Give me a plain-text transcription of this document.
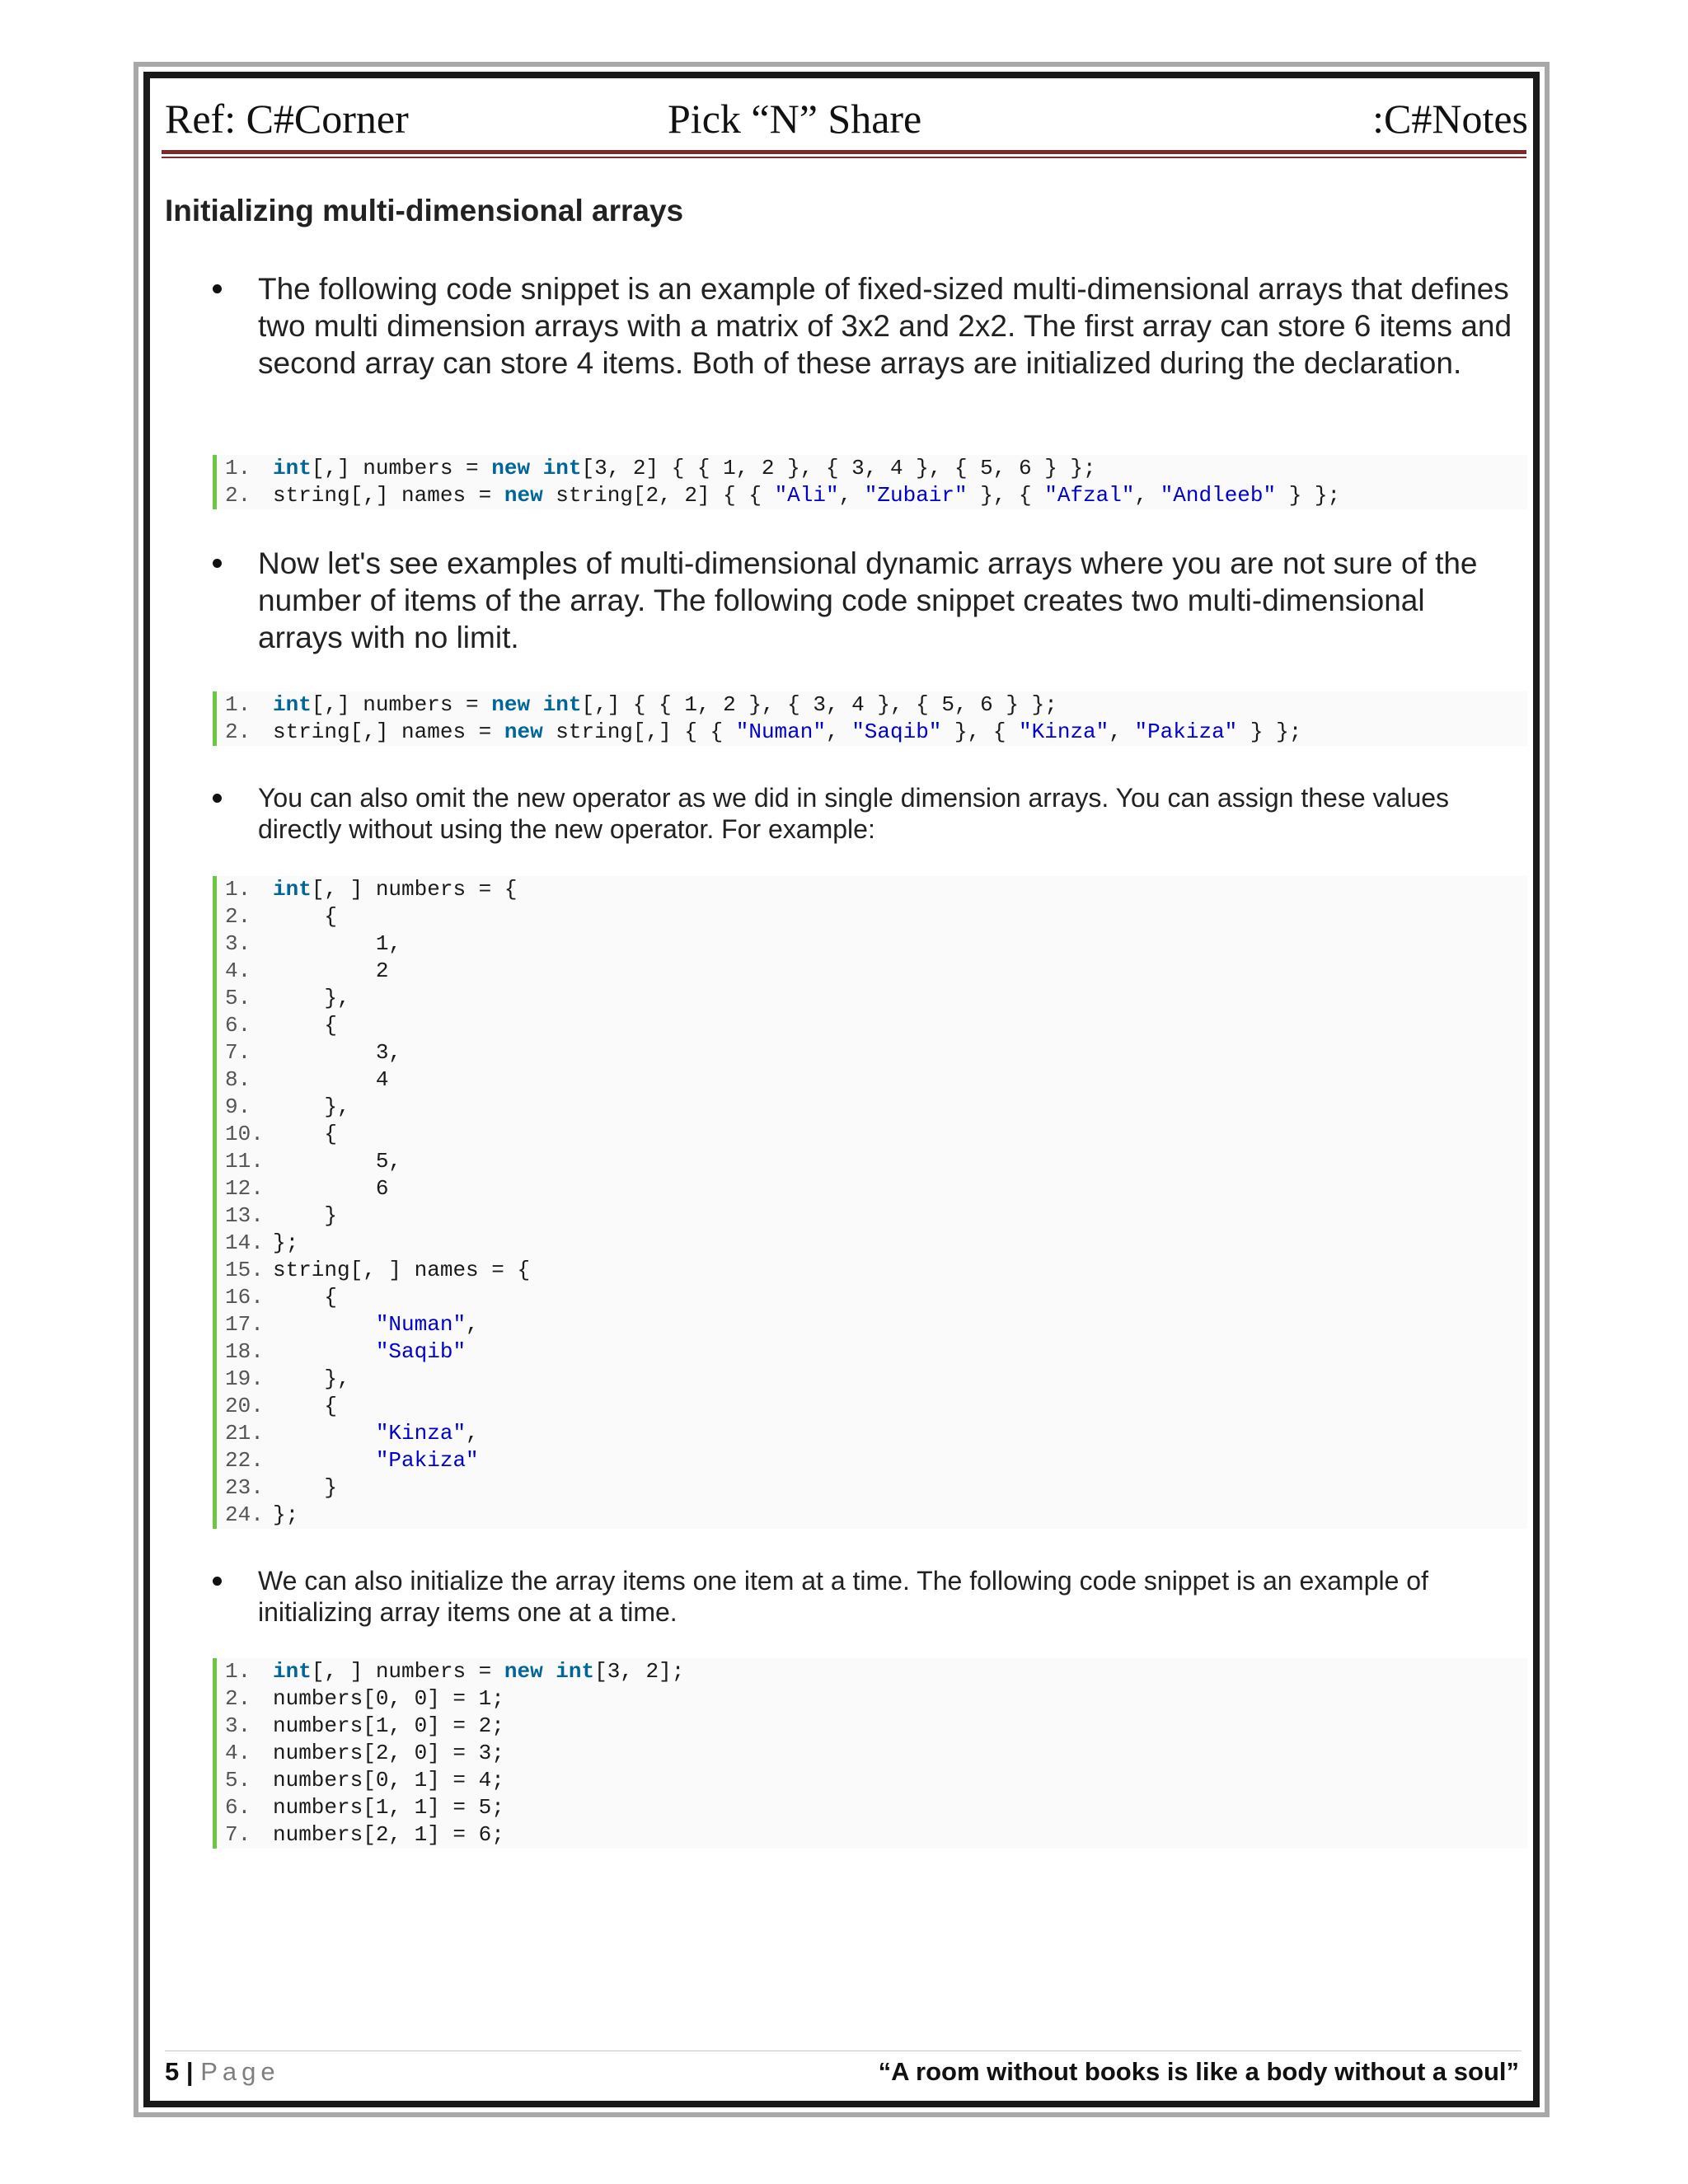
Ref: C#Corner	Pick “N” Share	:C#Notes
Initializing multi-dimensional arrays
The following code snippet is an example of fixed-sized multi-dimensional arrays that defines two multi dimension arrays with a matrix of 3x2 and 2x2. The first array can store 6 items and second array can store 4 items. Both of these arrays are initialized during the declaration.
1. int[,] numbers = new int[3, 2] { { 1, 2 }, { 3, 4 }, { 5, 6 } };
2. string[,] names = new string[2, 2] { { "Ali", "Zubair" }, { "Afzal", "Andleeb" } };
Now let's see examples of multi-dimensional dynamic arrays where you are not sure of the number of items of the array. The following code snippet creates two multi-dimensional arrays with no limit.
1. int[,] numbers = new int[,] { { 1, 2 }, { 3, 4 }, { 5, 6 } };
2. string[,] names = new string[,] { { "Numan", "Saqib" }, { "Kinza", "Pakiza" } };
You can also omit the new operator as we did in single dimension arrays. You can assign these values directly without using the new operator. For example:
1. int[, ] numbers = {
2.    {
3.        1,
4.        2
5.    },
6.    {
7.        3,
8.        4
9.    },
10.    {
11.        5,
12.        6
13.    }
14. };
15. string[, ] names = {
16.    {
17.	"Numan",
18.	"Saqib"
19.    },
20.    {
21.	"Kinza",
22.	"Pakiza"
23.    }
24. };
We can also initialize the array items one item at a time. The following code snippet is an example of initializing array items one at a time.
1. int[, ] numbers = new int[3, 2];
2. numbers[0, 0] = 1;
3. numbers[1, 0] = 2;
4. numbers[2, 0] = 3;
5. numbers[0, 1] = 4;
6. numbers[1, 1] = 5;
7. numbers[2, 1] = 6;
5 | Page	“A room without books is like a body without a soul”
